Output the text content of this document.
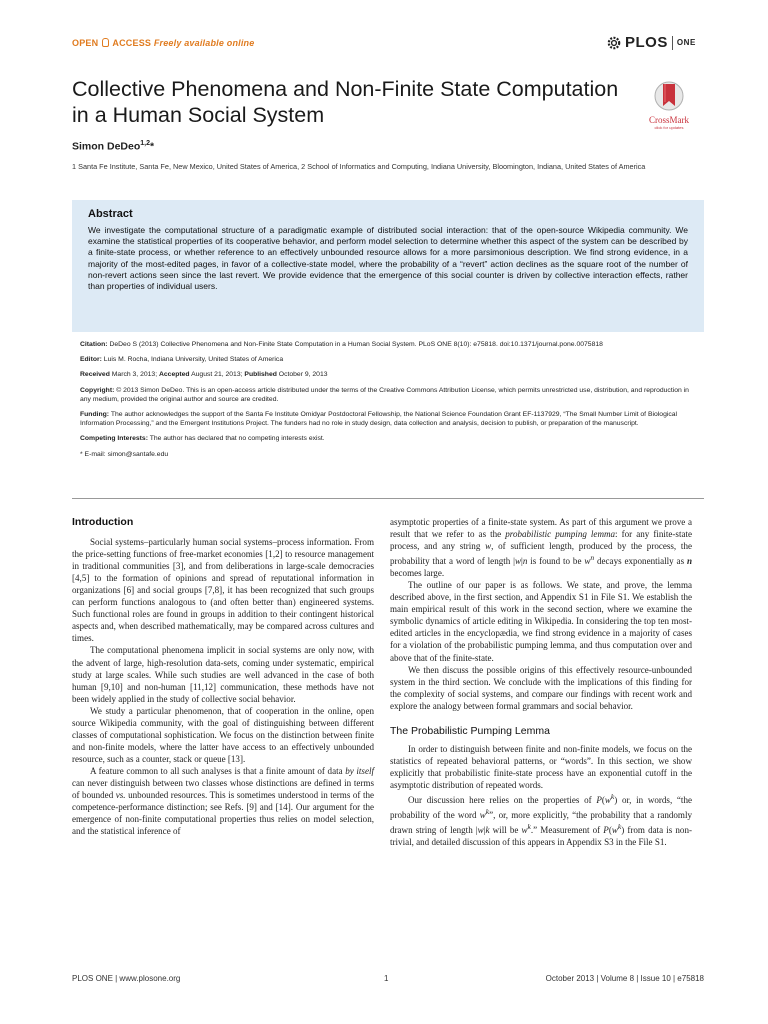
OPEN ACCESS Freely available online	PLOS ONE
Collective Phenomena and Non-Finite State Computation in a Human Social System	CrossMark
click for updates
Simon DeDeo$^{1,2}$*
1 Santa Fe Institute, Santa Fe, New Mexico, United States of America, 2 School of Informatics and Computing, Indiana University, Bloomington, Indiana, United States of America
Abstract

We investigate the computational structure of a paradigmatic example of distributed social interaction: that of the open-source Wikipedia community. We examine the statistical properties of its cooperative behavior, and perform model selection to determine whether this aspect of the system can be described by a finite-state process, or whether reference to an effectively unbounded resource allows for a more parsimonious description. We find strong evidence, in a majority of the most-edited pages, in favor of a collective-state model, where the probability of a “revert” action declines as the square root of the number of non-revert actions seen since the last revert. We provide evidence that the emergence of this social counter is driven by collective interaction effects, rather than properties of individual users.

Citation: DeDeo S (2013) Collective Phenomena and Non-Finite State Computation in a Human Social System. PLoS ONE 8(10): e75818. doi:10.1371/journal.pone.0075818

Editor: Luis M. Rocha, Indiana University, United States of America

Received March 3, 2013; Accepted August 21, 2013; Published October 9, 2013

Copyright: © 2013 Simon DeDeo. This is an open-access article distributed under the terms of the Creative Commons Attribution License, which permits unrestricted use, distribution, and reproduction in any medium, provided the original author and source are credited.

Funding: The author acknowledges the support of the Santa Fe Institute Omidyar Postdoctoral Fellowship, the National Science Foundation Grant EF-1137929, “The Small Number Limit of Biological Information Processing,” and the Emergent Institutions Project. The funders had no role in study design, data collection and analysis, decision to publish, or preparation of the manuscript.

Competing Interests: The author has declared that no competing interests exist.

* E-mail: simon@santafe.edu

Introduction

Social systems–particularly human social systems–process information. From the price-setting functions of free-market economies [1,2] to resource management in traditional communities [3], and from deliberations in large-scale democracies [4,5] to the formation of opinions and spread of reputational information in organizations [6] and social groups [7,8], it has been recognized that such groups can perform functions analogous to (and often better than) engineered systems. Such functional roles are found in groups in addition to their contingent historical aspects and, when described mathematically, may be compared across cultures and times.

The computational phenomena implicit in social systems are only now, with the advent of large, high-resolution data-sets, coming under systematic, empirical study at large scales. While such studies are well advanced in the case of both human [9,10] and non-human [11,12] communication, these methods have not been widely applied in the study of collective social behavior.

We study a particular phenomenon, that of cooperation in the online, open source Wikipedia community, with the goal of distinguishing between different classes of computational sophistication. We focus on the distinction between finite and non-finite models, where the latter have access to an effectively unbounded resource, such as a counter, stack or queue [13].

A feature common to all such analyses is that a finite amount of data by itself can never distinguish between two classes whose distinctions are defined in terms of bounded vs. unbounded resources. This is sometimes understood in terms of the competence-performance distinction; see Refs. [9] and [14]. Our argument for the emergence of non-finite computational properties thus relies on model selection, and the statistical inference of

asymptotic properties of a finite-state system. As part of this argument we prove a result that we refer to as the probabilistic pumping lemma: for any finite-state process, and any string w, of sufficient length, produced by the process, the probability that a word of length |w|n is found to be $w^n$ decays exponentially as n becomes large.

The outline of our paper is as follows. We state, and prove, the lemma described above, in the first section, and Appendix S1 in File S1. We establish the main empirical result of this work in the second section, where we examine the symbolic dynamics of article editing in Wikipedia. In considering the top ten most-edited articles in the encyclopædia, we find strong evidence in a majority of cases for a violation of the probabilistic pumping lemma, and thus computation over and above that of the finite-state.

We then discuss the possible origins of this effectively resource-unbounded system in the third section. We conclude with the implications of this finding for the complexity of social systems, and compare our findings with recent work and explore the analogy between formal grammars and social behavior.

The Probabilistic Pumping Lemma

In order to distinguish between finite and non-finite models, we focus on the statistics of repeated behavioral patterns, or “words”. In this section, we show explicitly that probabilistic finite-state process have an exponential cutoff in the asymptotic distribution of repeated words.

Our discussion here relies on the properties of $P(w^k)$ or, in words, “the probability of the word $w^k$”, or, more explicitly, “the probability that a randomly drawn string of length |w|k will be $w^k$.” Measurement of $P(w^k)$ from data is non-trivial, and detailed discussion of this appears in Appendix S3 in the File S1.

PLOS ONE | www.plosone.org	1	October 2013 | Volume 8 | Issue 10 | e75818
